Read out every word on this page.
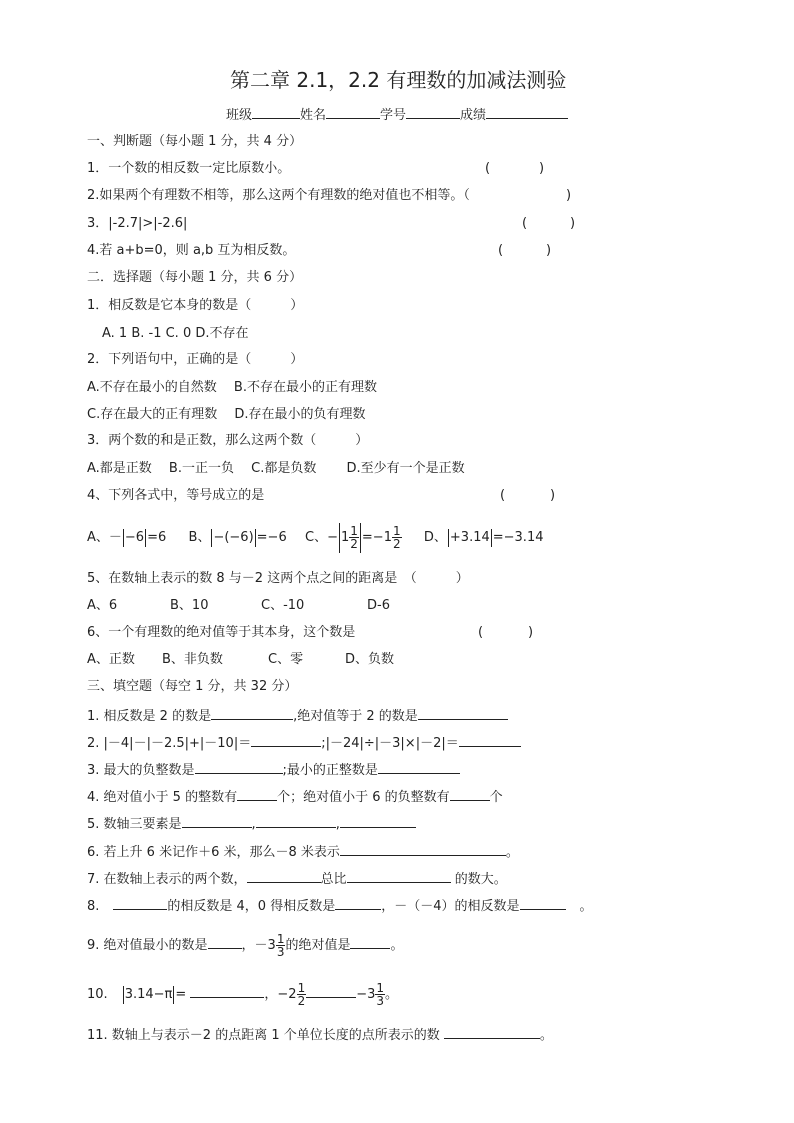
第二章 2.1，2.2 有理数的加减法测验
班级	姓名	学号	成绩
一、判断题（每小题 1 分，共 4 分）
1．一个数的相反数一定比原数小。	(	)
2.如果两个有理数不相等，那么这两个有理数的绝对值也不相等。（	)
3．|-2.7|>|-2.6|	(	)
4.若 a+b=0，则 a,b 互为相反数。	(	)
二．选择题（每小题 1 分，共 6 分）
1．相反数是它本身的数是（　　　）
A. 1 B. -1 C. 0 D.不存在
2．下列语句中，正确的是（　　　）
A.不存在最小的自然数　 B.不存在最小的正有理数
C.存在最大的正有理数　 D.存在最小的负有理数
3．两个数的和是正数，那么这两个数（　　　）
A.都是正数　 B.一正一负　 C.都是负数　　 D.至少有一个是正数
4、下列各式中，等号成立的是	(	)
A、－ −6 =6 B、 −(−6) =−6 C、− $1 \frac{1}{2} =-1 \frac{1}{2}$ D、 +3.14 =−3.14
5、在数轴上表示的数 8 与－2 这两个点之间的距离是　（　　　）
A、6	B、10	C、-10	D-6
6、一个有理数的绝对值等于其本身，这个数是	(	)
A、正数 B、非负数	C、零	D、负数
三、填空题（每空 1 分，共 32 分）
1. 相反数是 2 的数是	,绝对值等于 2 的数是
2. |－4|－|－2.5|+|－10|＝	;|－24|÷|－3|×|－2|＝
3. 最大的负整数是	;最小的正整数是
4. 绝对值小于 5 的整数有	个；绝对值小于 6 的负整数有	个
5. 数轴三要素是	,	,
6. 若上升 6 米记作＋6 米，那么－8 米表示	。
7. 在数轴上表示的两个数，	总比	的数大。
8.	的相反数是 4，0 得相反数是	，－（－4）的相反数是	。
9. 绝对值最小的数是	，$-3 \frac{1}{3}$ 的绝对值是	。
10. 3.14−π =	，$-2 \frac{1}{2}$	$-3 \frac{1}{3}$ 。
11. 数轴上与表示－2 的点距离 1 个单位长度的点所表示的数	。
